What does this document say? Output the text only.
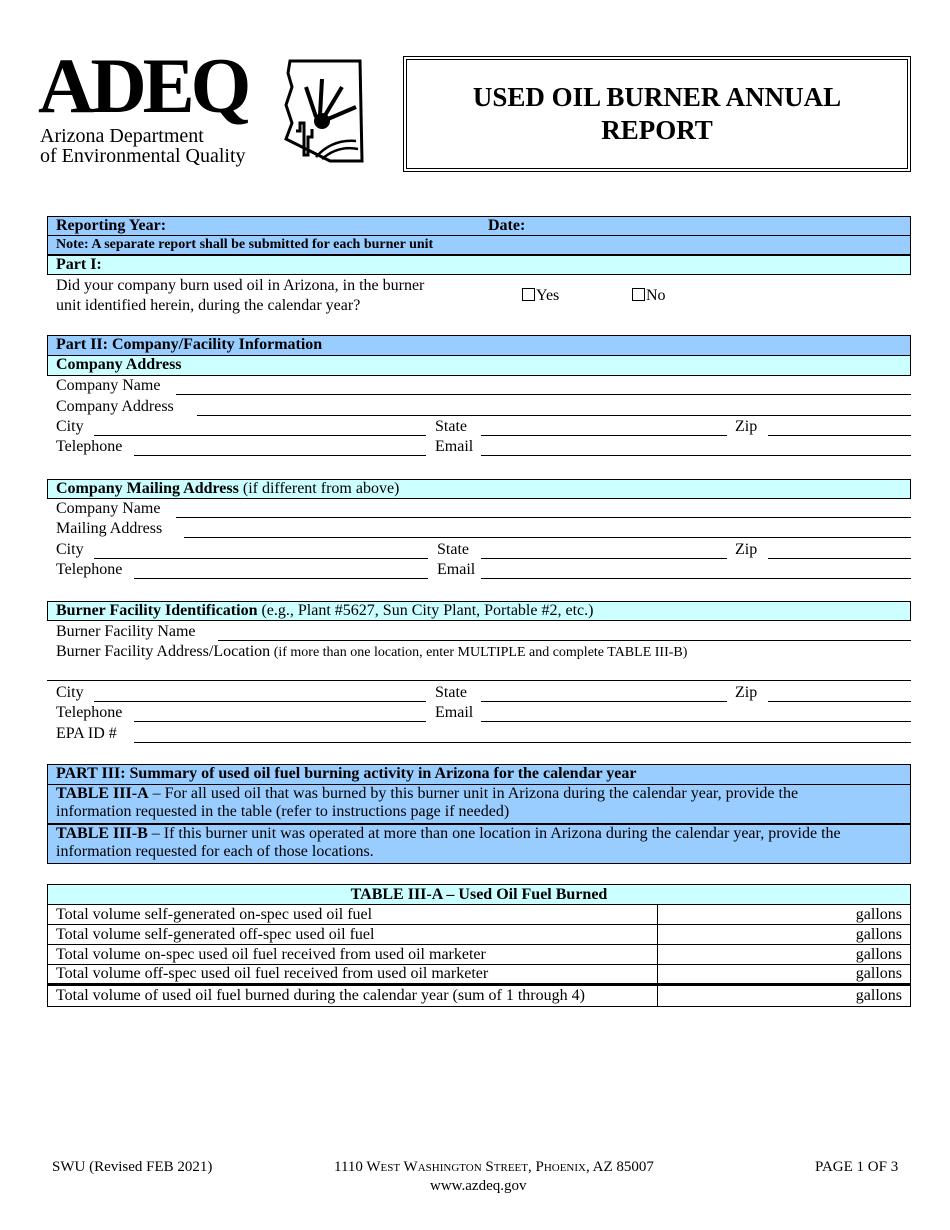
ADEQ
Arizona Department
of Environmental Quality
USED OIL BURNER ANNUAL
REPORT
Reporting Year:	Date:
Note: A separate report shall be submitted for each burner unit
Part I:
Did your company burn used oil in Arizona, in the burner
unit identified herein, during the calendar year?
Yes	No
Part II: Company/Facility Information
Company Address
Company Name
Company Address
City	State	Zip
Telephone	Email
Company Mailing Address (if different from above)
Company Name
Mailing Address
City	State	Zip
Telephone	Email
Burner Facility Identification (e.g., Plant #5627, Sun City Plant, Portable #2, etc.)
Burner Facility Name
Burner Facility Address/Location (if more than one location, enter MULTIPLE and complete TABLE III-B)
City	State	Zip
Telephone	Email
EPA ID #
PART III: Summary of used oil fuel burning activity in Arizona for the calendar year
TABLE III-A – For all used oil that was burned by this burner unit in Arizona during the calendar year, provide the
information requested in the table (refer to instructions page if needed)
TABLE III-B – If this burner unit was operated at more than one location in Arizona during the calendar year, provide the
information requested for each of those locations.
TABLE III-A – Used Oil Fuel Burned	
Total volume self-generated on-spec used oil fuel	gallons
Total volume self-generated off-spec used oil fuel	gallons
Total volume on-spec used oil fuel received from used oil marketer	gallons
Total volume off-spec used oil fuel received from used oil marketer	gallons
Total volume of used oil fuel burned during the calendar year (sum of 1 through 4)	gallons
SWU (Revised FEB 2021)	1110 West Washington Street, Phoenix, AZ 85007
www.azdeq.gov
PAGE 1 OF 3
